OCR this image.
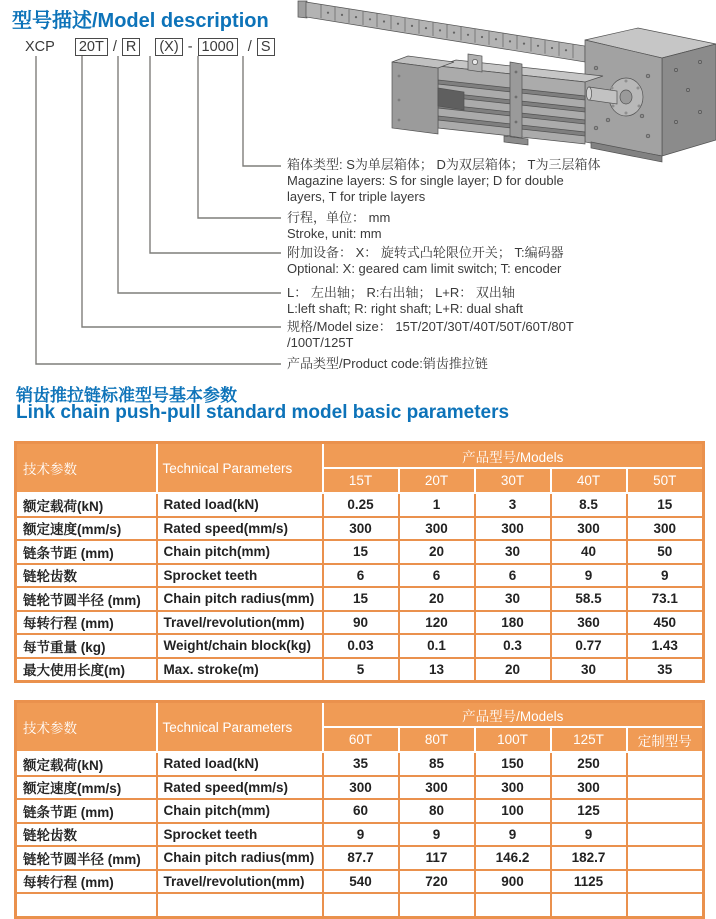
型号描述/Model description
XCP 20T / R (X) - 1000 / S
箱体类型: S为单层箱体； D为双层箱体； T为三层箱体
Magazine layers: S for single layer; D for double
layers, T for triple layers
行程，单位： mm
Stroke, unit: mm
附加设备： X： 旋转式凸轮限位开关； T:编码器
Optional: X: geared cam limit switch; T: encoder
L： 左出轴； R:右出轴； L+R： 双出轴
L:left shaft; R: right shaft; L+R: dual shaft
规格/Model size： 15T/20T/30T/40T/50T/60T/80T
/100T/125T
产品类型/Product code:销齿推拉链
销齿推拉链标准型号基本参数
Link chain push-pull standard model basic parameters
技术参数	Technical Parameters	产品型号/Models				
		15T	20T	30T	40T	50T
额定载荷(kN)	Rated load(kN)	0.25	1	3	8.5	15
额定速度(mm/s)	Rated speed(mm/s)	300	300	300	300	300
链条节距 (mm)	Chain pitch(mm)	15	20	30	40	50
链轮齿数	Sprocket teeth	6	6	6	9	9
链轮节圆半径 (mm)	Chain pitch radius(mm)	15	20	30	58.5	73.1
每转行程 (mm)	Travel/revolution(mm)	90	120	180	360	450
每节重量 (kg)	Weight/chain block(kg)	0.03	0.1	0.3	0.77	1.43
最大使用长度(m)	Max. stroke(m)	5	13	20	30	35
技术参数	Technical Parameters	产品型号/Models				
		60T	80T	100T	125T	定制型号
额定载荷(kN)	Rated load(kN)	35	85	150	250	
额定速度(mm/s)	Rated speed(mm/s)	300	300	300	300	
链条节距 (mm)	Chain pitch(mm)	60	80	100	125	
链轮齿数	Sprocket teeth	9	9	9	9	
链轮节圆半径 (mm)	Chain pitch radius(mm)	87.7	117	146.2	182.7	
每转行程 (mm)	Travel/revolution(mm)	540	720	900	1125	
